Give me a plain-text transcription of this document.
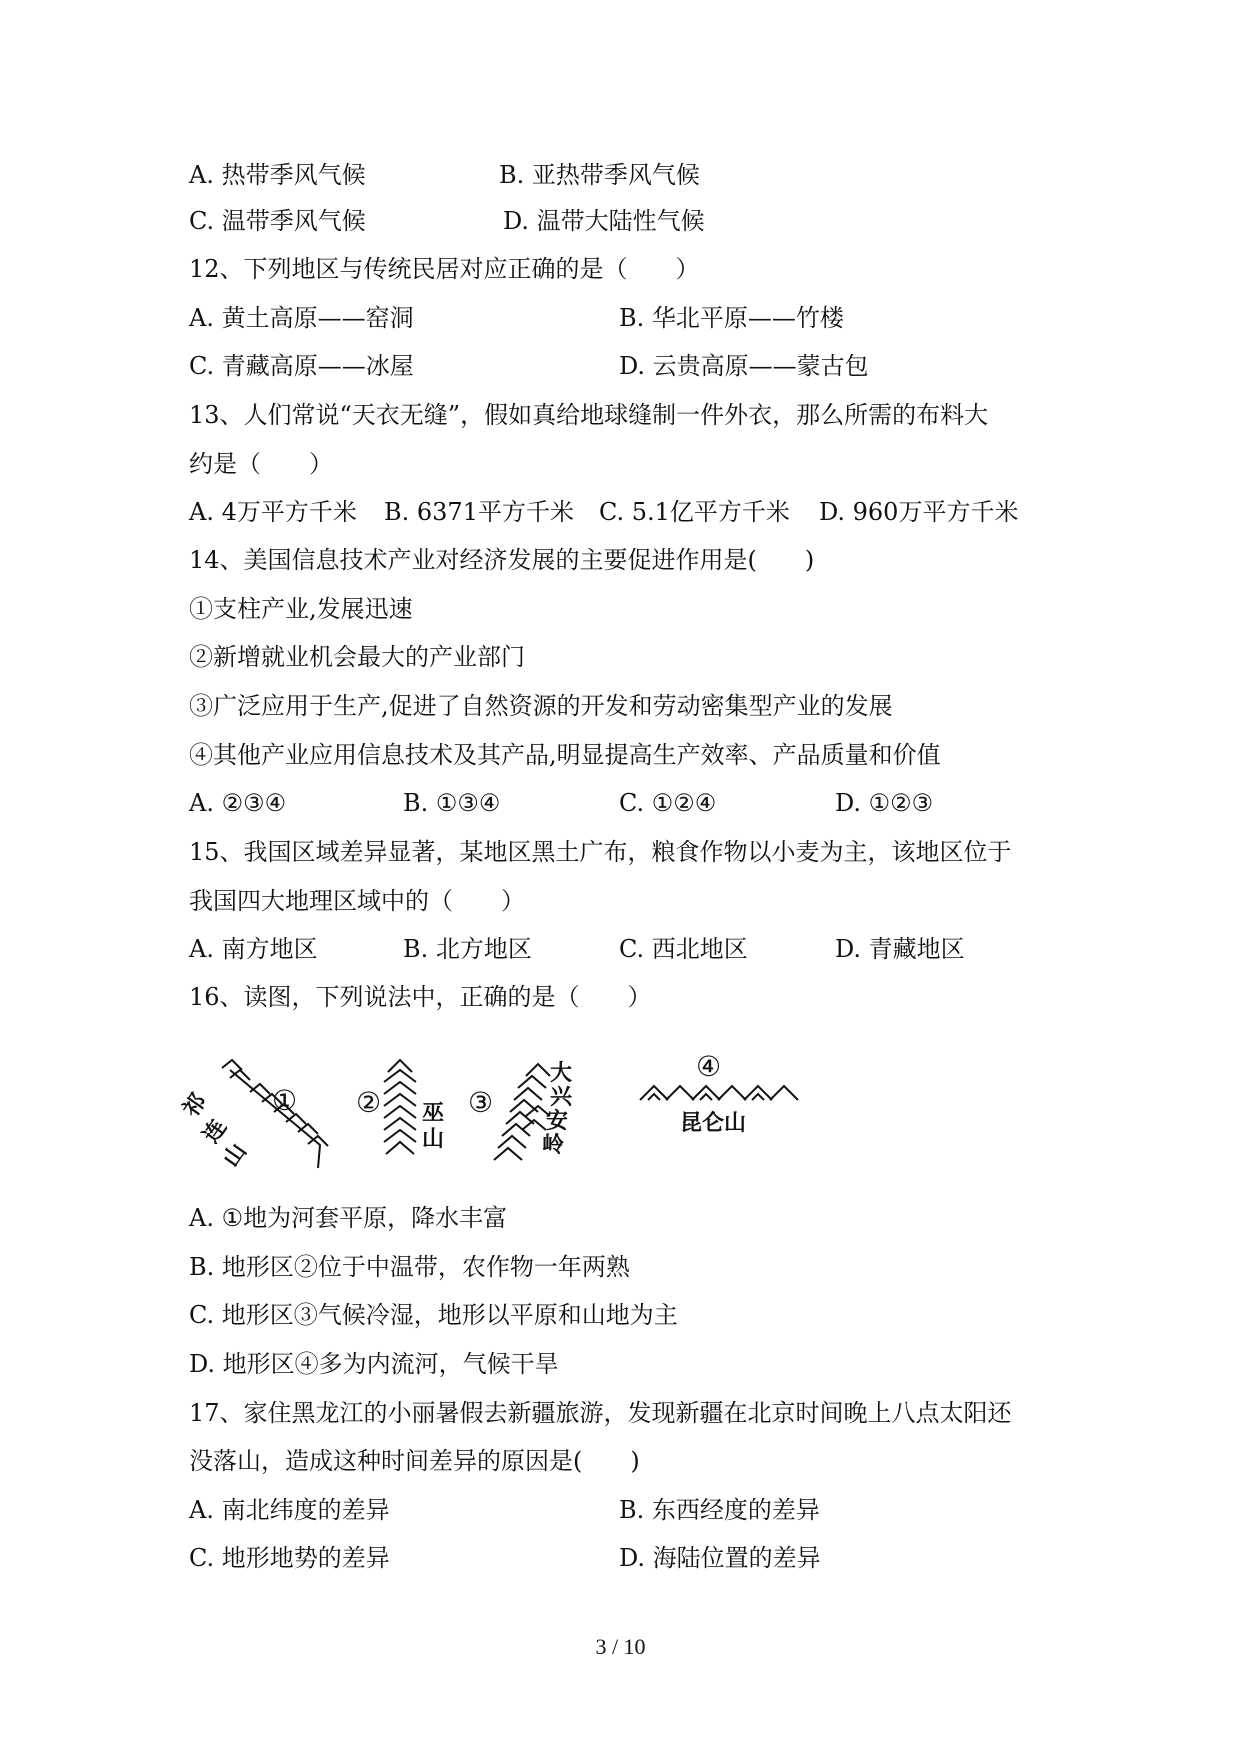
A. 热带季风气候	B. 亚热带季风气候
C. 温带季风气候	D. 温带大陆性气候
12、下列地区与传统民居对应正确的是（　　）
A. 黄土高原——窑洞	B. 华北平原——竹楼
C. 青藏高原——冰屋	D. 云贵高原——蒙古包
13、人们常说“天衣无缝”，假如真给地球缝制一件外衣，那么所需的布料大
约是（　　）
A. 4万平方千米 B. 6371平方千米 C. 5.1亿平方千米 D. 960万平方千米
14、美国信息技术产业对经济发展的主要促进作用是(　　)
①支柱产业,发展迅速
②新增就业机会最大的产业部门
③广泛应用于生产,促进了自然资源的开发和劳动密集型产业的发展
④其他产业应用信息技术及其产品,明显提高生产效率、产品质量和价值
A. ②③④	B. ①③④	C. ①②④	D. ①②③
15、我国区域差异显著，某地区黑土广布，粮食作物以小麦为主，该地区位于
我国四大地理区域中的（　　）
A. 南方地区	B. 北方地区	C. 西北地区	D. 青藏地区
16、读图，下列说法中，正确的是（　　）
① ②	③
④
祁
连
山
巫
山
大
兴
安
岭
昆仑山
A. ①地为河套平原，降水丰富
B. 地形区②位于中温带，农作物一年两熟
C. 地形区③气候冷湿，地形以平原和山地为主
D. 地形区④多为内流河，气候干旱
17、家住黑龙江的小丽暑假去新疆旅游，发现新疆在北京时间晚上八点太阳还
没落山，造成这种时间差异的原因是(　　)
A. 南北纬度的差异	B. 东西经度的差异
C. 地形地势的差异	D. 海陆位置的差异
3 / 10
